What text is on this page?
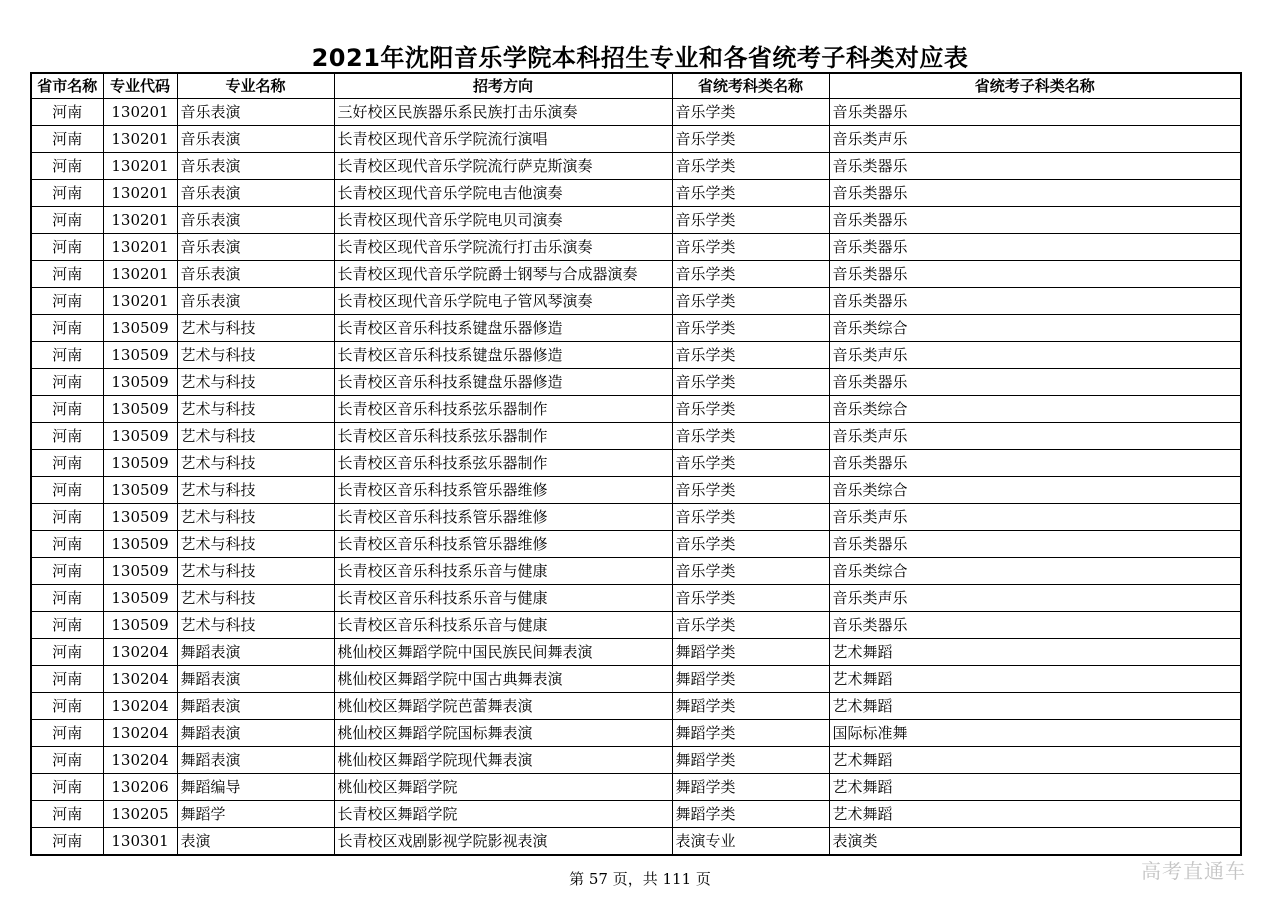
2021年沈阳音乐学院本科招生专业和各省统考子科类对应表
省市名称	专业代码	专业名称	招考方向	省统考科类名称	省统考子科类名称
河南	130201	音乐表演	三好校区民族器乐系民族打击乐演奏	音乐学类	音乐类器乐
河南	130201	音乐表演	长青校区现代音乐学院流行演唱	音乐学类	音乐类声乐
河南	130201	音乐表演	长青校区现代音乐学院流行萨克斯演奏	音乐学类	音乐类器乐
河南	130201	音乐表演	长青校区现代音乐学院电吉他演奏	音乐学类	音乐类器乐
河南	130201	音乐表演	长青校区现代音乐学院电贝司演奏	音乐学类	音乐类器乐
河南	130201	音乐表演	长青校区现代音乐学院流行打击乐演奏	音乐学类	音乐类器乐
河南	130201	音乐表演	长青校区现代音乐学院爵士钢琴与合成器演奏	音乐学类	音乐类器乐
河南	130201	音乐表演	长青校区现代音乐学院电子管风琴演奏	音乐学类	音乐类器乐
河南	130509	艺术与科技	长青校区音乐科技系键盘乐器修造	音乐学类	音乐类综合
河南	130509	艺术与科技	长青校区音乐科技系键盘乐器修造	音乐学类	音乐类声乐
河南	130509	艺术与科技	长青校区音乐科技系键盘乐器修造	音乐学类	音乐类器乐
河南	130509	艺术与科技	长青校区音乐科技系弦乐器制作	音乐学类	音乐类综合
河南	130509	艺术与科技	长青校区音乐科技系弦乐器制作	音乐学类	音乐类声乐
河南	130509	艺术与科技	长青校区音乐科技系弦乐器制作	音乐学类	音乐类器乐
河南	130509	艺术与科技	长青校区音乐科技系管乐器维修	音乐学类	音乐类综合
河南	130509	艺术与科技	长青校区音乐科技系管乐器维修	音乐学类	音乐类声乐
河南	130509	艺术与科技	长青校区音乐科技系管乐器维修	音乐学类	音乐类器乐
河南	130509	艺术与科技	长青校区音乐科技系乐音与健康	音乐学类	音乐类综合
河南	130509	艺术与科技	长青校区音乐科技系乐音与健康	音乐学类	音乐类声乐
河南	130509	艺术与科技	长青校区音乐科技系乐音与健康	音乐学类	音乐类器乐
河南	130204	舞蹈表演	桃仙校区舞蹈学院中国民族民间舞表演	舞蹈学类	艺术舞蹈
河南	130204	舞蹈表演	桃仙校区舞蹈学院中国古典舞表演	舞蹈学类	艺术舞蹈
河南	130204	舞蹈表演	桃仙校区舞蹈学院芭蕾舞表演	舞蹈学类	艺术舞蹈
河南	130204	舞蹈表演	桃仙校区舞蹈学院国标舞表演	舞蹈学类	国际标准舞
河南	130204	舞蹈表演	桃仙校区舞蹈学院现代舞表演	舞蹈学类	艺术舞蹈
河南	130206	舞蹈编导	桃仙校区舞蹈学院	舞蹈学类	艺术舞蹈
河南	130205	舞蹈学	长青校区舞蹈学院	舞蹈学类	艺术舞蹈
河南	130301	表演	长青校区戏剧影视学院影视表演	表演专业	表演类
第 57 页，共 111 页	高考直通车
